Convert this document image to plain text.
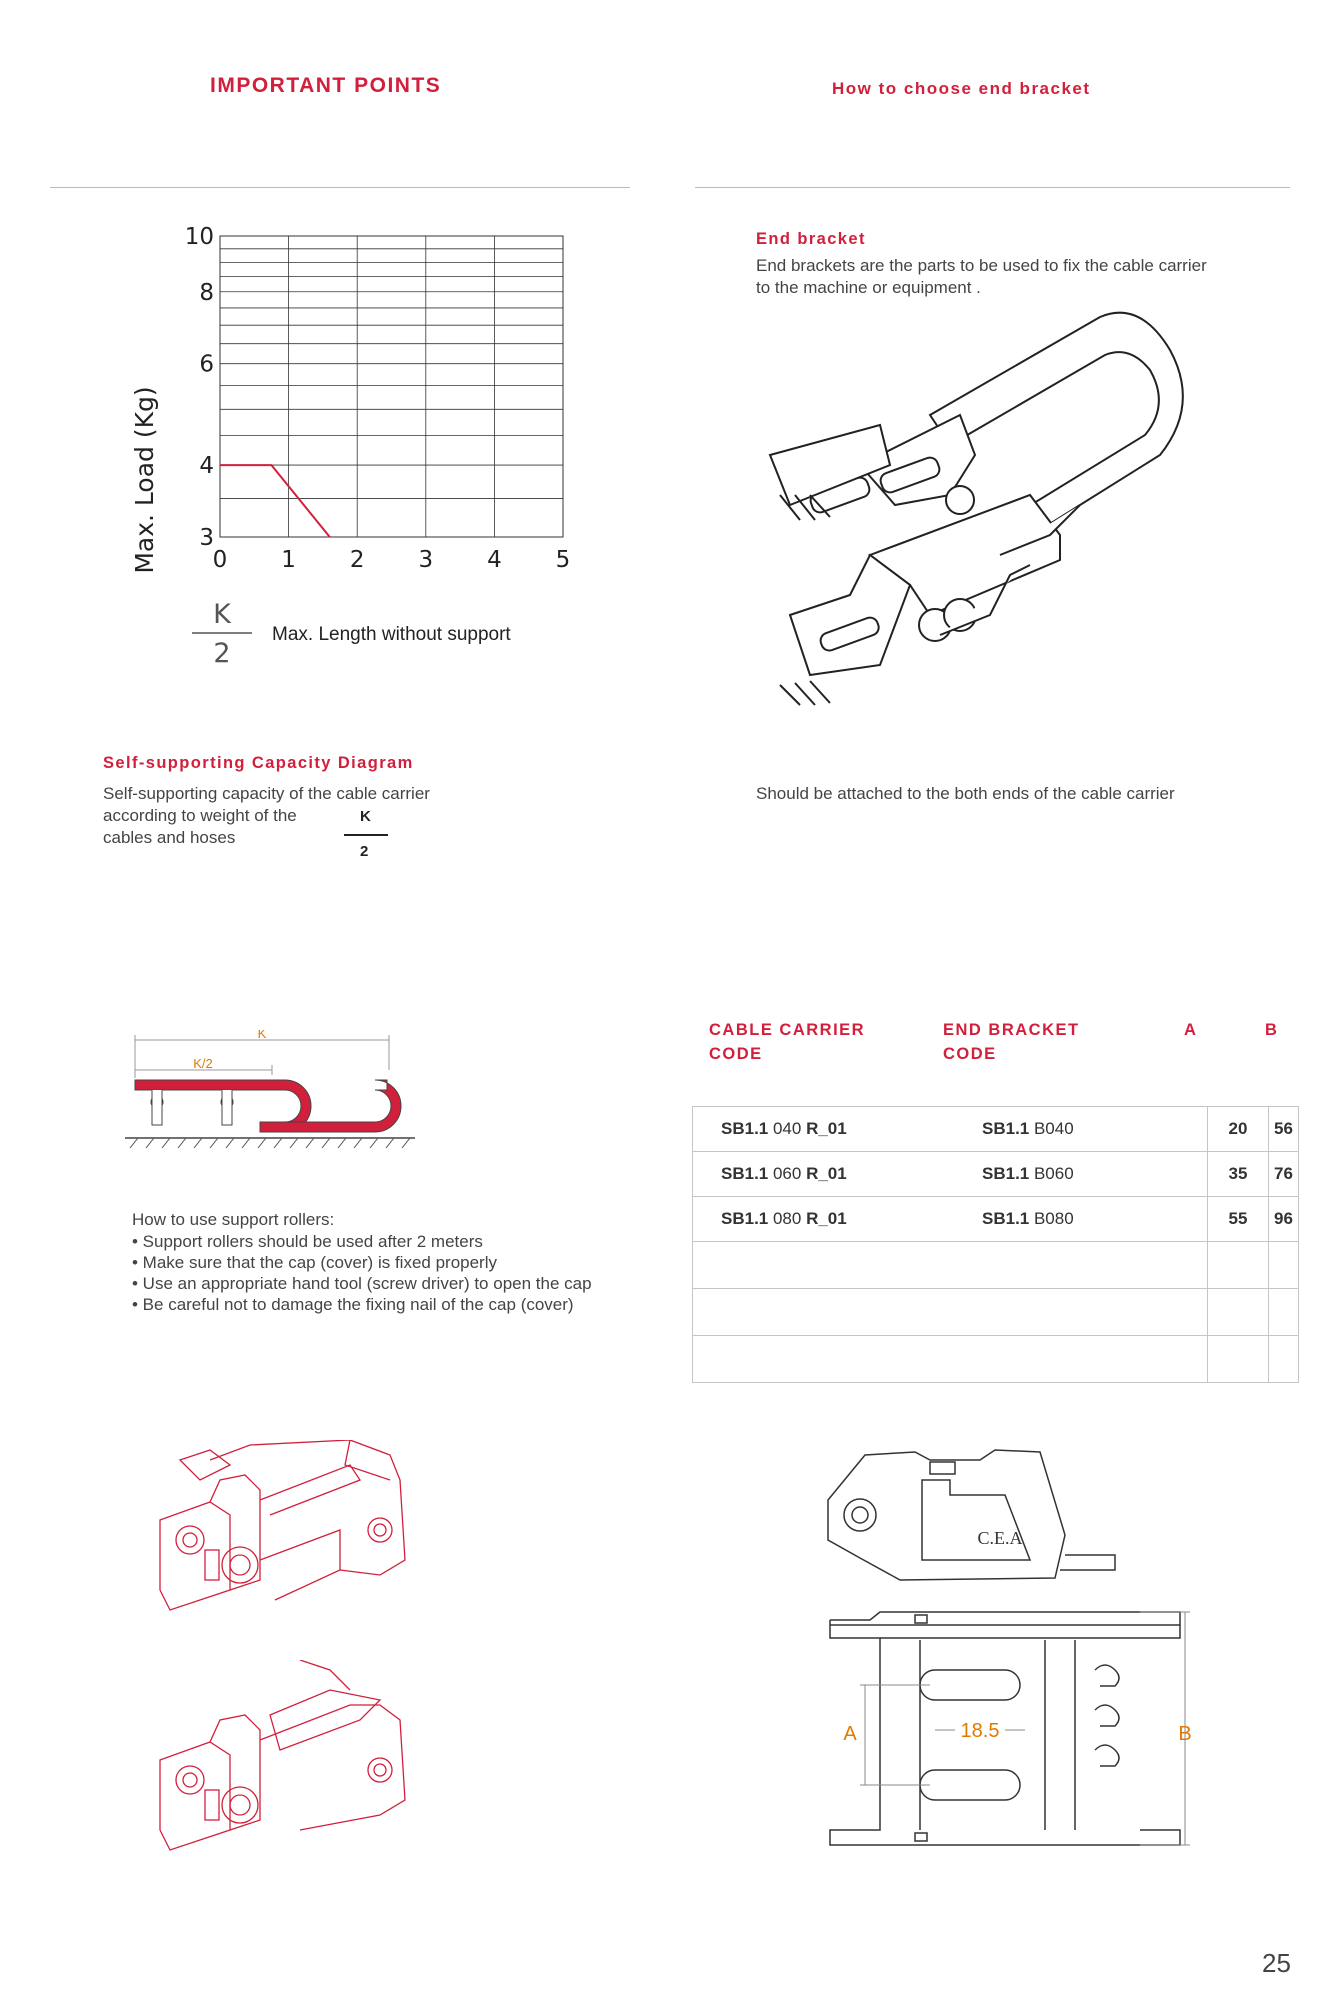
IMPORTANT POINTS	How to choose end bracket
0 1 2 3 4 5
3
4
6
8
10
Max. Load (Kg)
K
2
Max. Length without support
Self-supporting Capacity Diagram
Self-supporting capacity of the cable carrier
according to weight of the
cables and hoses
K
2
End bracket
End brackets are the parts to be used to fix the cable carrier
to the machine or equipment .
Should be attached to the both ends of the cable carrier
K
K/2
How to use support rollers:
• Support rollers should be used after 2 meters
• Make sure that the cap (cover) is fixed properly
• Use an appropriate hand tool (screw driver) to open the cap
• Be careful not to damage the fixing nail of the cap (cover)
CABLE CARRIER
CODE
END BRACKET
CODE
A	B
SB1.1 040 R_01	SB1.1 B040	20	56
SB1.1 060 R_01	SB1.1 B060	35	76
SB1.1 080 R_01	SB1.1 B080	55	96

C.E.A
A	B
18.5
25
